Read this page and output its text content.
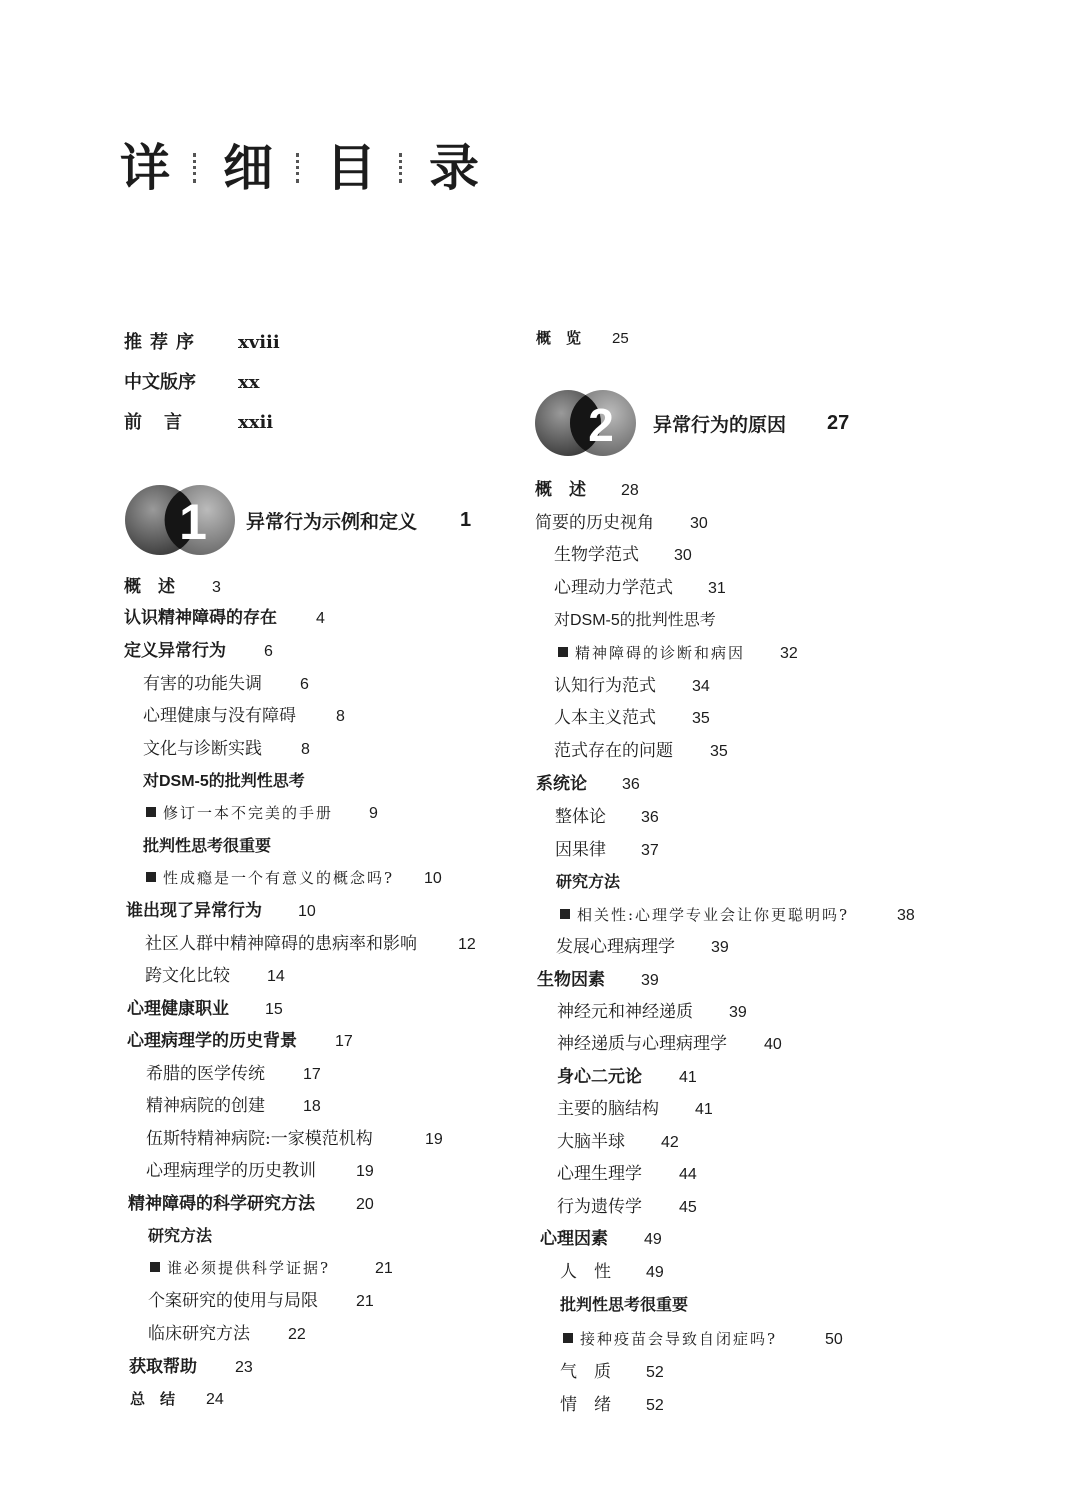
详 细 目 录
推荐序 xviii
中文版序 xx
前　言	xxii
概　览 25
1 异常行为示例和定义	1
2 异常行为的原因	27
概　述 3
认识精神障碍的存在 4
定义异常行为 6
有害的功能失调 6
心理健康与没有障碍	8
文化与诊断实践 8
对DSM-5的批判性思考
修订一本不完美的手册 9
批判性思考很重要
性成瘾是一个有意义的概念吗? 10
谁出现了异常行为 10
社区人群中精神障碍的患病率和影响	12
跨文化比较 14
心理健康职业 15
心理病理学的历史背景 17
希腊的医学传统 17
精神病院的创建 18
伍斯特精神病院:一家模范机构	19
心理病理学的历史教训	19
精神障碍的科学研究方法	20
研究方法
谁必须提供科学证据?	21
个案研究的使用与局限 21
临床研究方法 22
获取帮助 23
总　结 24
概　述 28
简要的历史视角 30
生物学范式 30
心理动力学范式 31
对DSM-5的批判性思考
精神障碍的诊断和病因 32
认知行为范式 34
人本主义范式 35
范式存在的问题 35
系统论 36
整体论 36
因果律 37
研究方法
相关性:心理学专业会让你更聪明吗?	38
发展心理病理学 39
生物因素 39
神经元和神经递质 39
神经递质与心理病理学 40
身心二元论 41
主要的脑结构 41
大脑半球 42
心理生理学 44
行为遗传学 45
心理因素 49
人　性 49
批判性思考很重要
接种疫苗会导致自闭症吗?	50
气　质 52
情　绪 52
